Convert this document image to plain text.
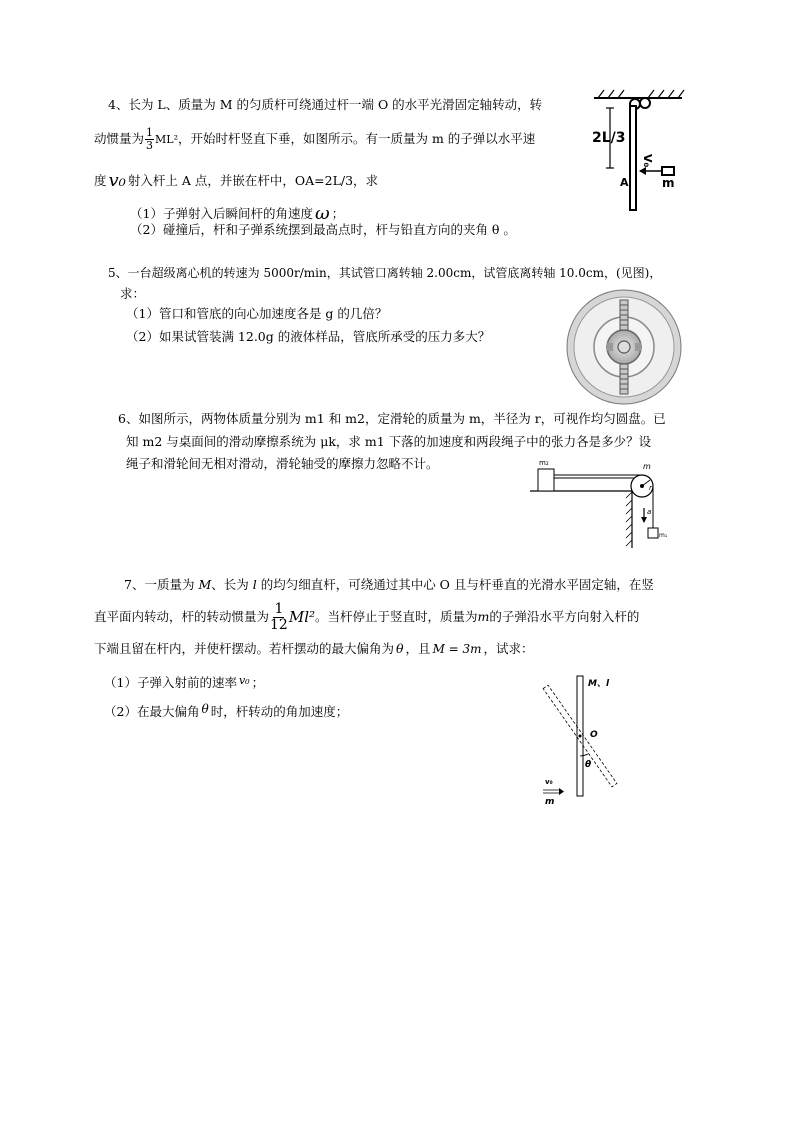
4、长为 L、质量为 M 的匀质杆可绕通过杆一端 O 的水平光滑固定轴转动，转
动惯量为 $\frac{1}{3} ML^2$ ，开始时杆竖直下垂，如图所示。有一质量为 m 的子弹以水平速
度 v₀ 射入杆上 A 点，并嵌在杆中，OA=2L/3，求
（1）子弹射入后瞬间杆的角速度 ω ；
（2）碰撞后，杆和子弹系统摆到最高点时，杆与铅直方向的夹角 θ 。
2L/3
A
V₀
m
5、一台超级离心机的转速为 5000r/min，其试管口离转轴 2.00cm，试管底离转轴 10.0cm，(见图)，
求：
（1）管口和管底的向心加速度各是 g 的几倍？
（2）如果试管装满 12.0g 的液体样品，管底所承受的压力多大？
6、如图所示，两物体质量分别为 m1 和 m2，定滑轮的质量为 m，半径为 r，可视作均匀圆盘。已
知 m2 与桌面间的滑动摩擦系统为 μk，求 m1 下落的加速度和两段绳子中的张力各是多少？设
绳子和滑轮间无相对滑动，滑轮轴受的摩擦力忽略不计。	m₂	m
r
a
m₁
7、一质量为 M、长为 l 的均匀细直杆，可绕通过其中心 O 且与杆垂直的光滑水平固定轴，在竖
直平面内转动，杆的转动惯量为 $\frac{1}{12} Ml^2$ 。当杆停止于竖直时，质量为 m 的子弹沿水平方向射入杆的
下端且留在杆内，并使杆摆动。若杆摆动的最大偏角为 θ ，且 M = 3m ，试求：
（1）子弹入射前的速率 v₀ ；
（2）在最大偏角 θ 时，杆转动的角加速度；
M、l
O
θ
v₀
m
